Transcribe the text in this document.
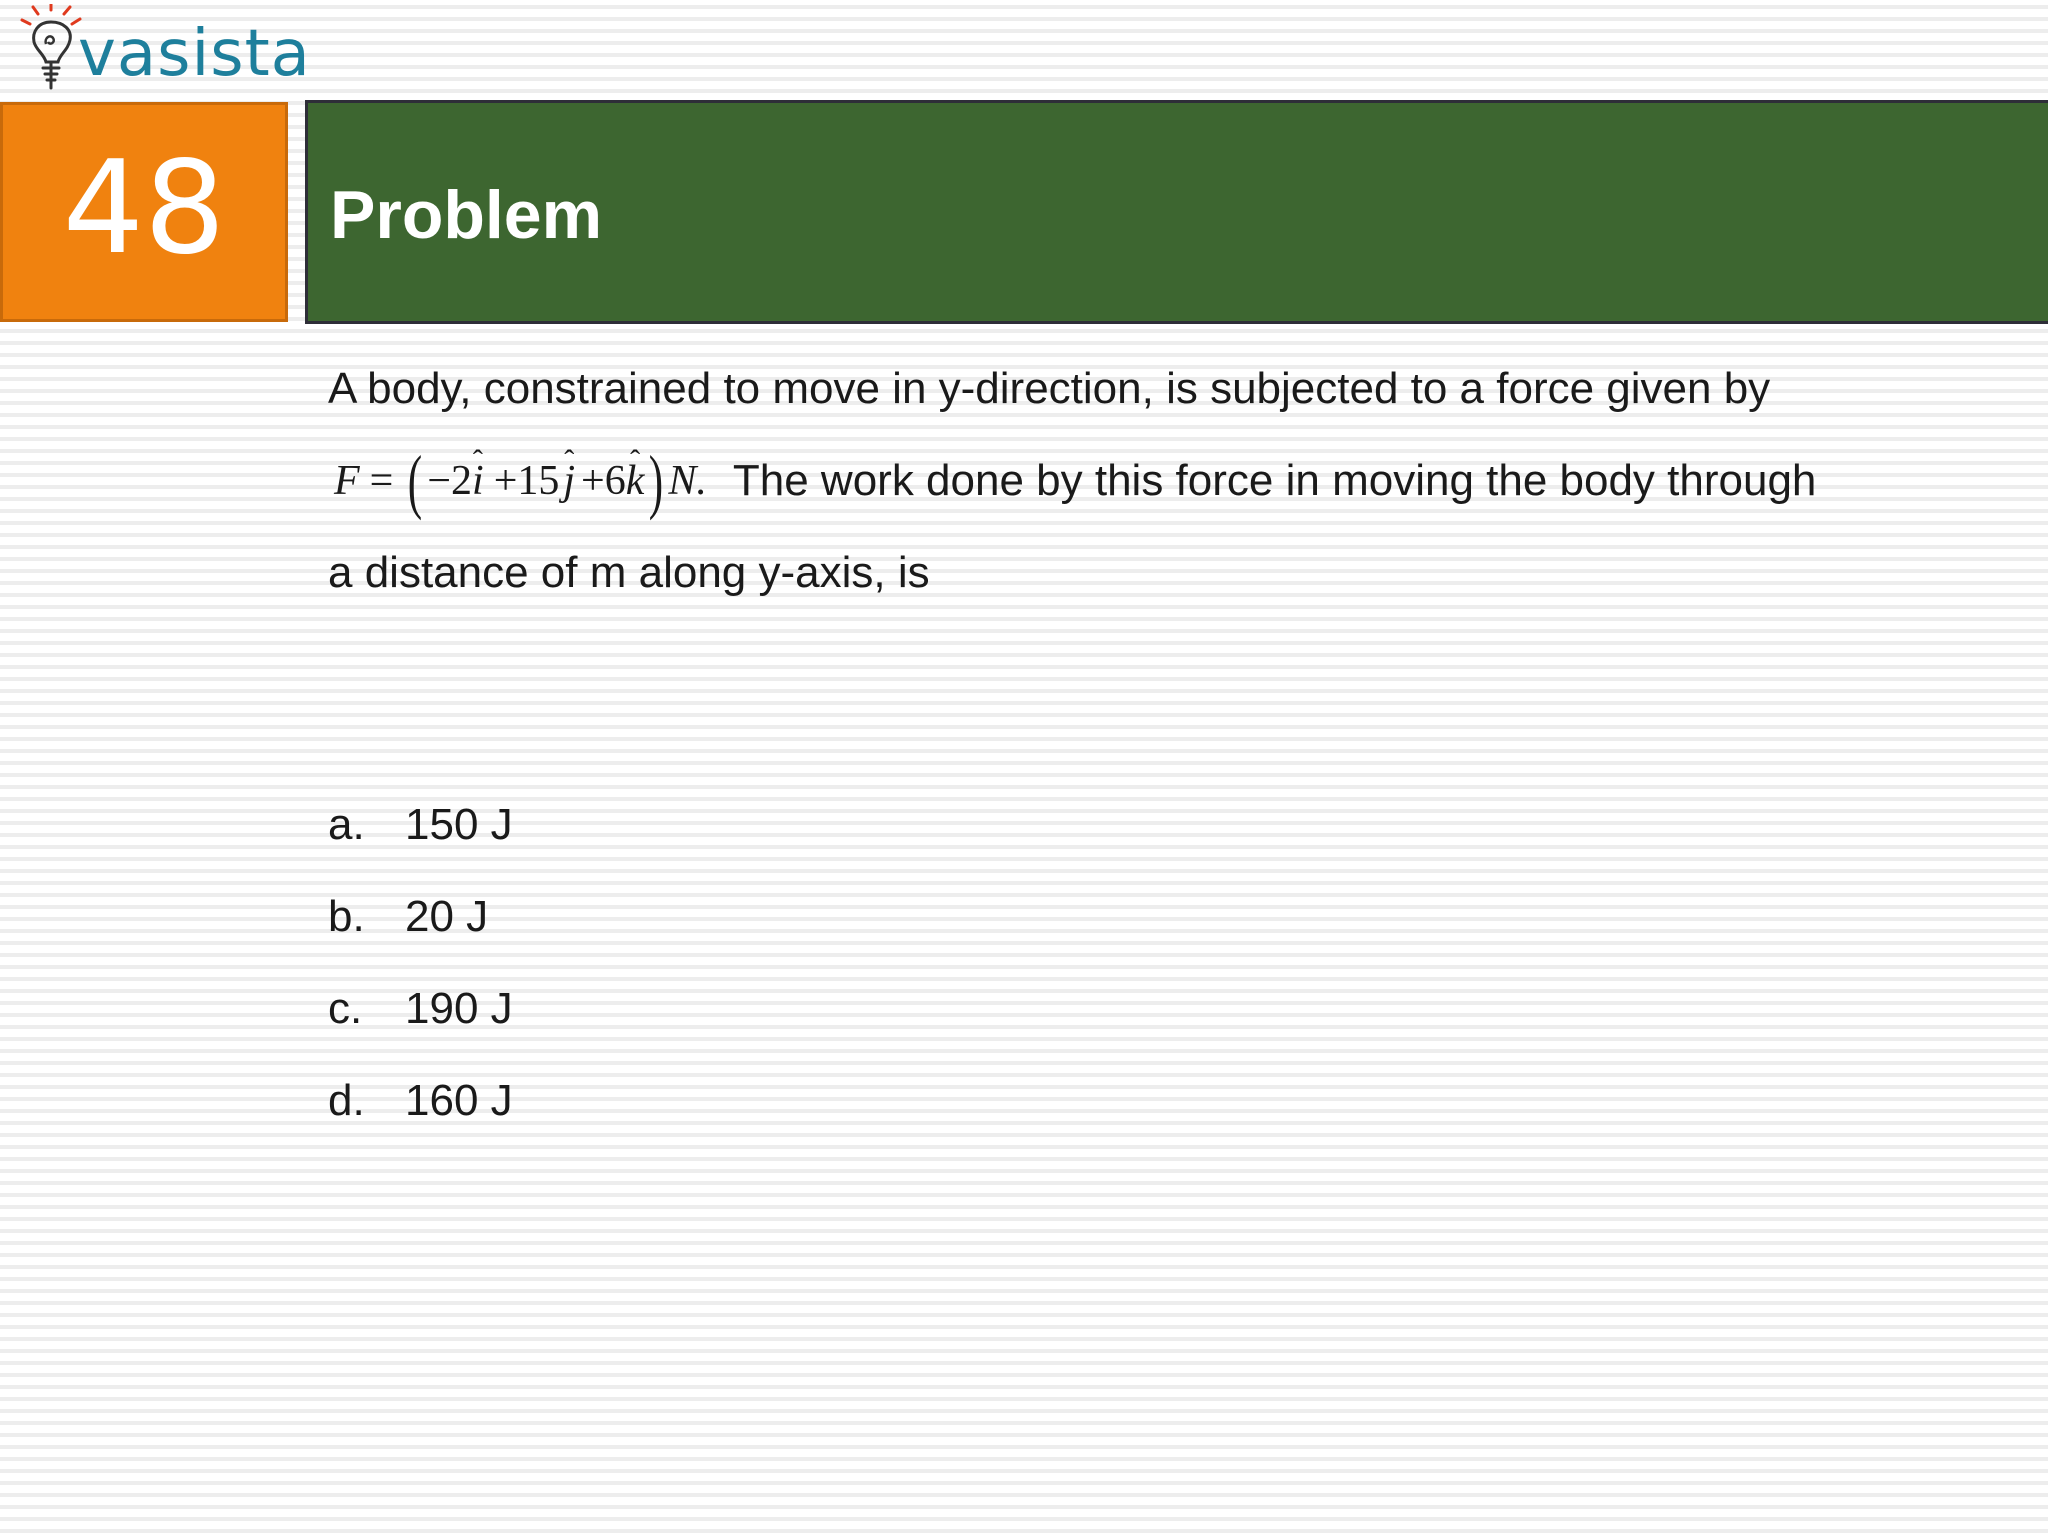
vasista
48 Problem
A body, constrained to move in y-direction, is subjected to a force given by
F = ( −2 ˆ i +15 ˆ j +6 ˆ k ) N. The work done by this force in moving the body through
a distance of m along y-axis, is
a. 150 J
b. 20 J
c. 190 J
d. 160 J
